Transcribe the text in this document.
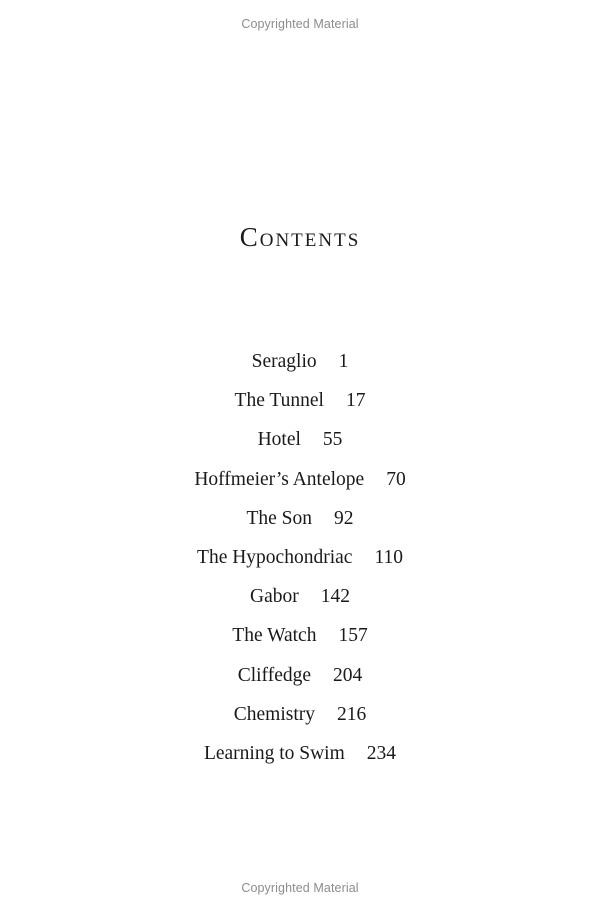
Copyrighted Material
Contents
Seraglio 1
The Tunnel 17
Hotel 55
Hoffmeier’s Antelope 70
The Son 92
The Hypochondriac 110
Gabor 142
The Watch 157
Cliffedge 204
Chemistry 216
Learning to Swim 234
Copyrighted Material
